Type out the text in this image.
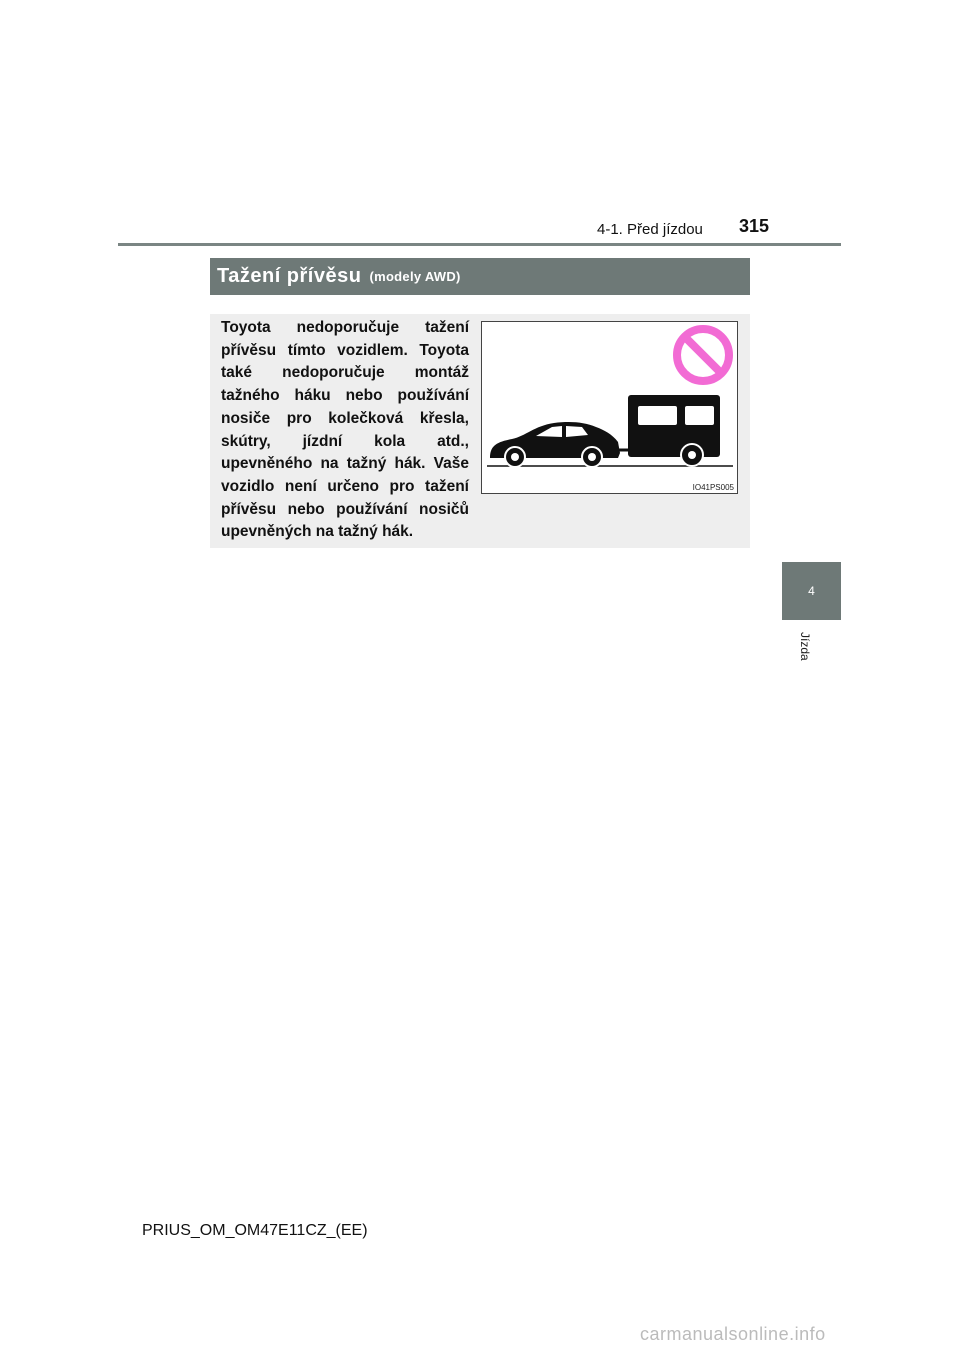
4-1. Před jízdou 315
4
Jízda
Tažení přívěsu (modely AWD)

Toyota nedoporučuje tažení přívěsu tímto vozidlem. Toyota také nedoporučuje montáž tažného háku nebo používání nosiče pro kolečková křesla, skútry, jízdní kola atd., upevněného na tažný hák. Vaše vozidlo není určeno pro tažení přívěsu nebo používání nosičů upevněných na tažný hák.

IO41PS005
PRIUS_OM_OM47E11CZ_(EE)
carmanualsonline.info
